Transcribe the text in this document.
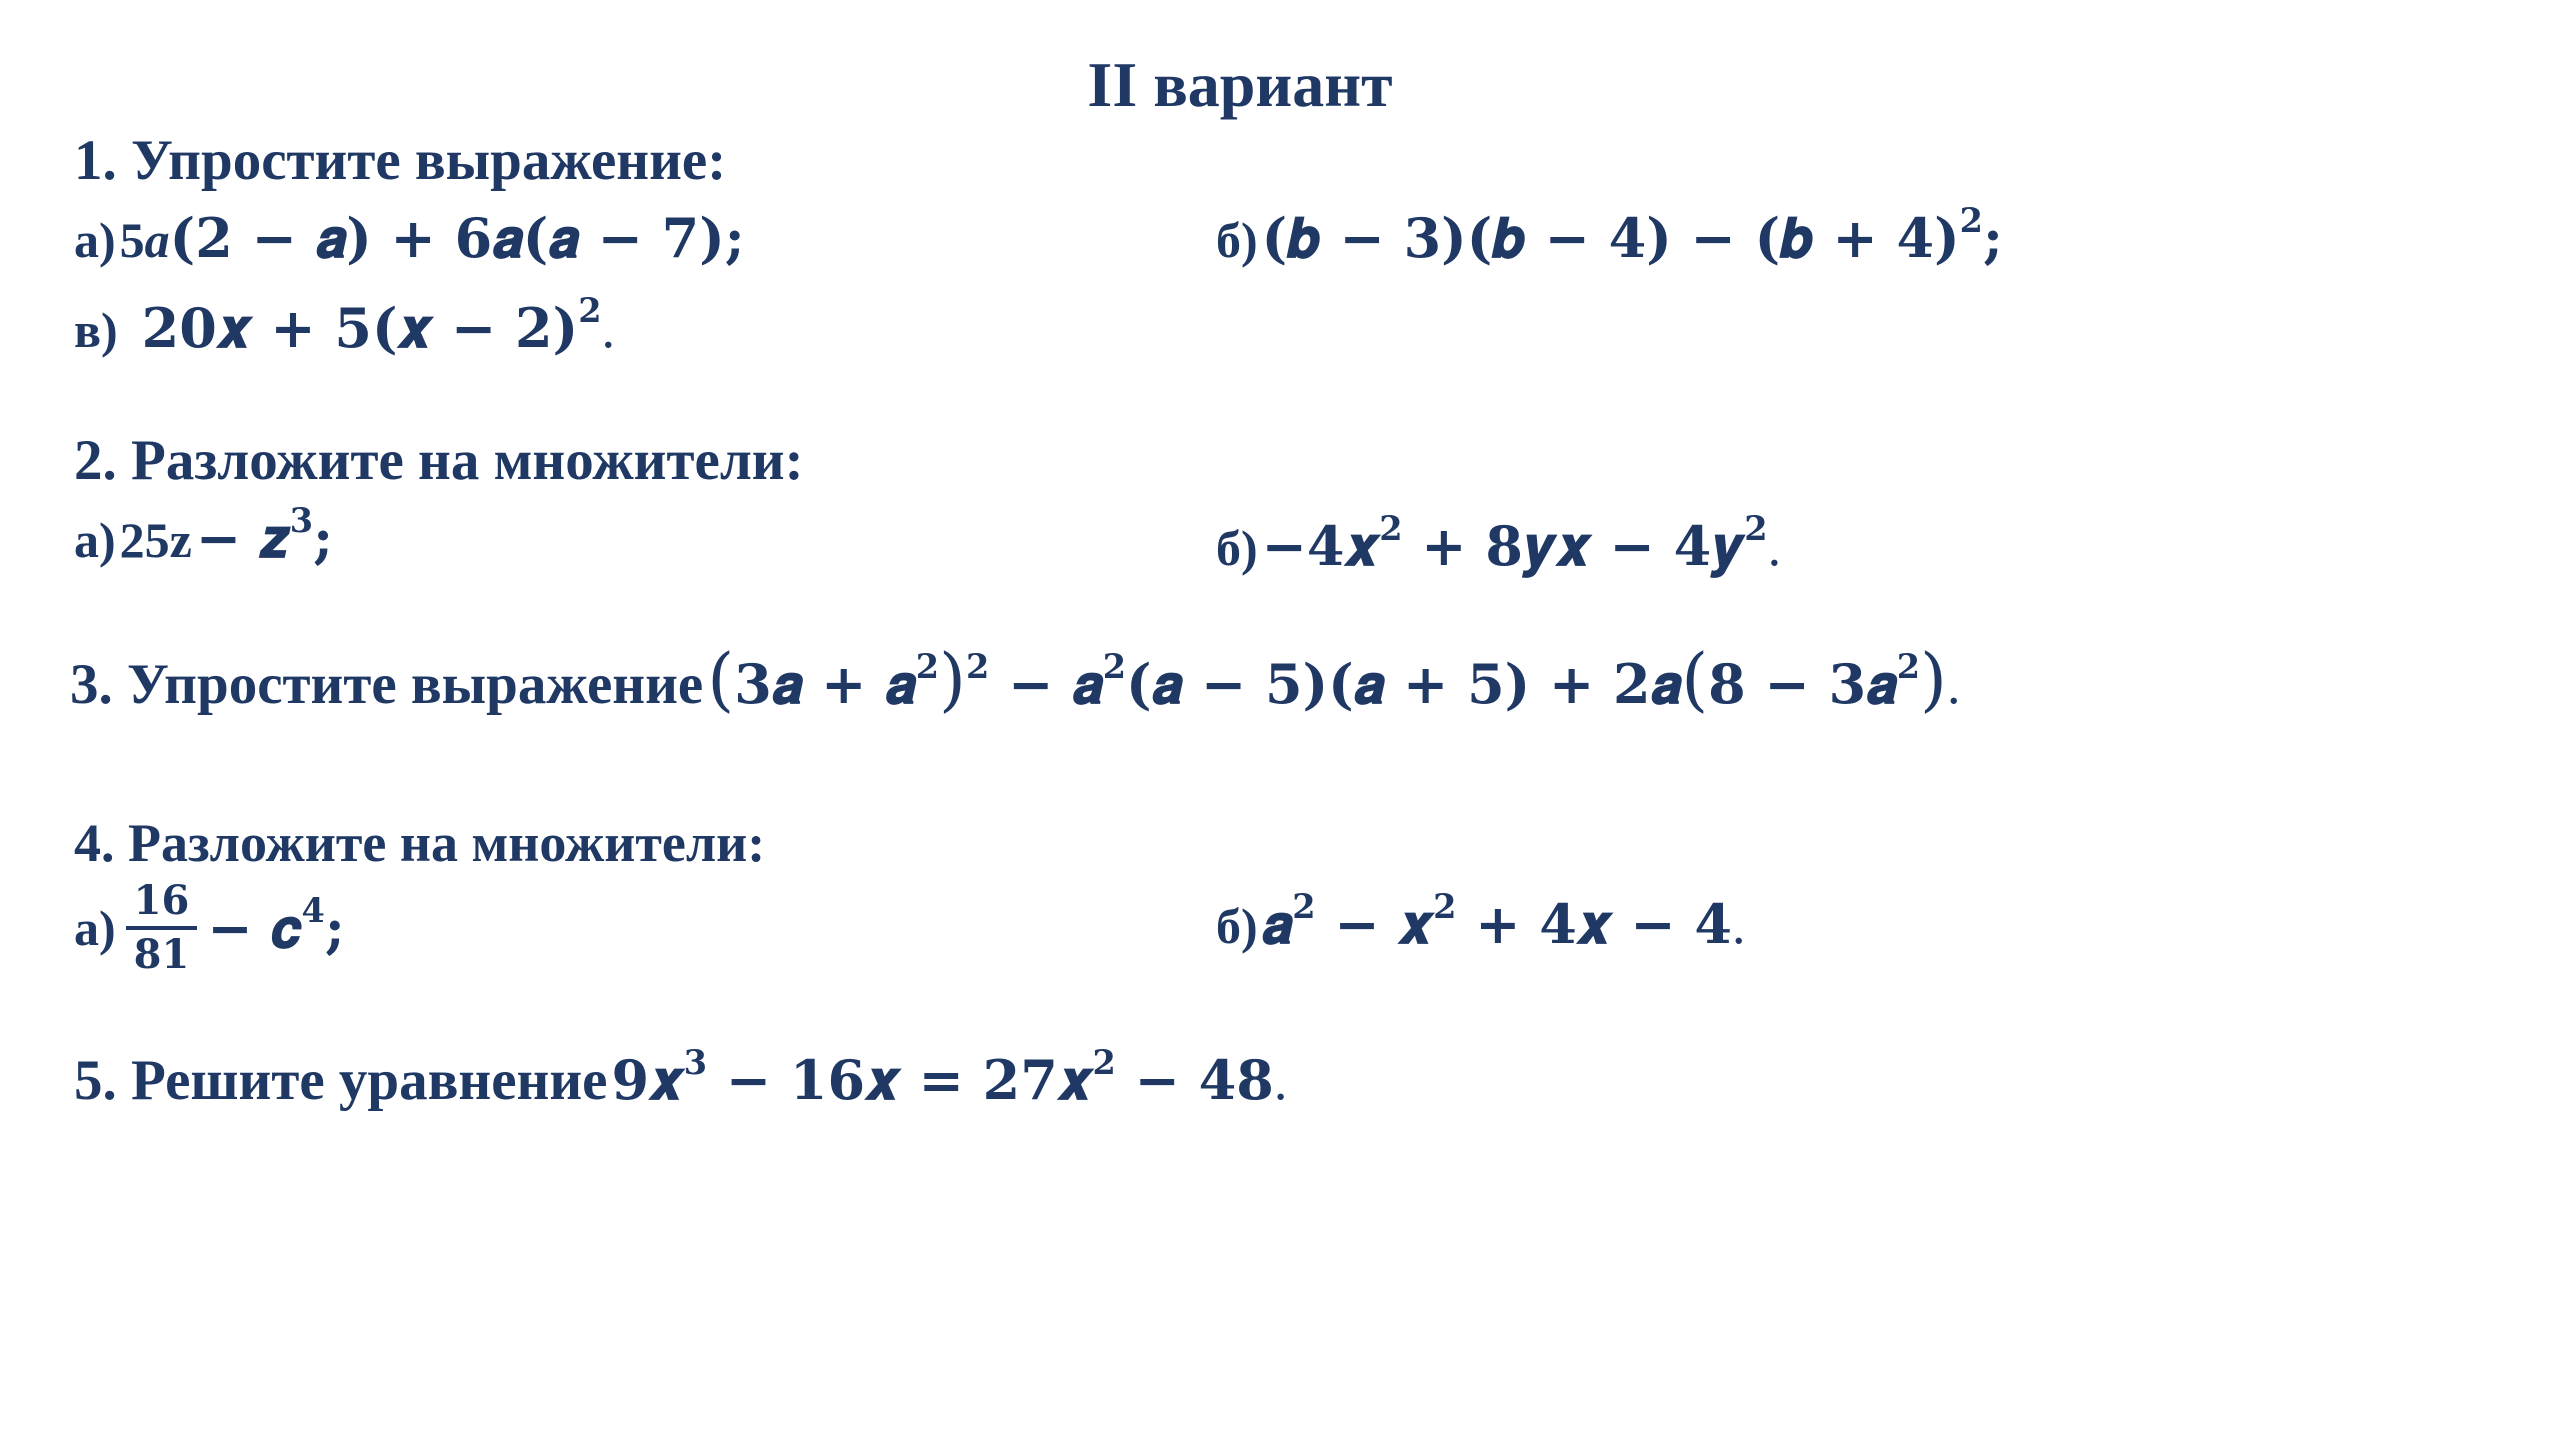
II вариант
1. Упростите выражение:
а) 5a(2 − 𝒂) + 6𝒂(𝒂 − 7);	б) (𝒃 − 3)(𝒃 − 4) − (𝒃 + 4)$^2$;
в) 20𝒙 + 5(𝒙 − 2)$^2$.
2. Разложите на множители:
а) 25z − 𝒛$^3$;	б) −4𝒙$^2$ + 8𝒚𝒙 − 4𝒚$^2$.
3. Упростите выражение (3𝒂 + 𝒂$^2$)$^2$ − 𝒂$^2$(𝒂 − 5)(𝒂 + 5) + 2𝒂(8 − 3𝒂$^2$).
4. Разложите на множители:
$а) \frac{16}{81}$ − 𝒄$^4$;	б) 𝒂$^2$ − 𝒙$^2$ + 4𝒙 − 4.
5. Решите уравнение 9𝒙$^3$ − 16𝒙 = 27𝒙$^2$ − 48.
